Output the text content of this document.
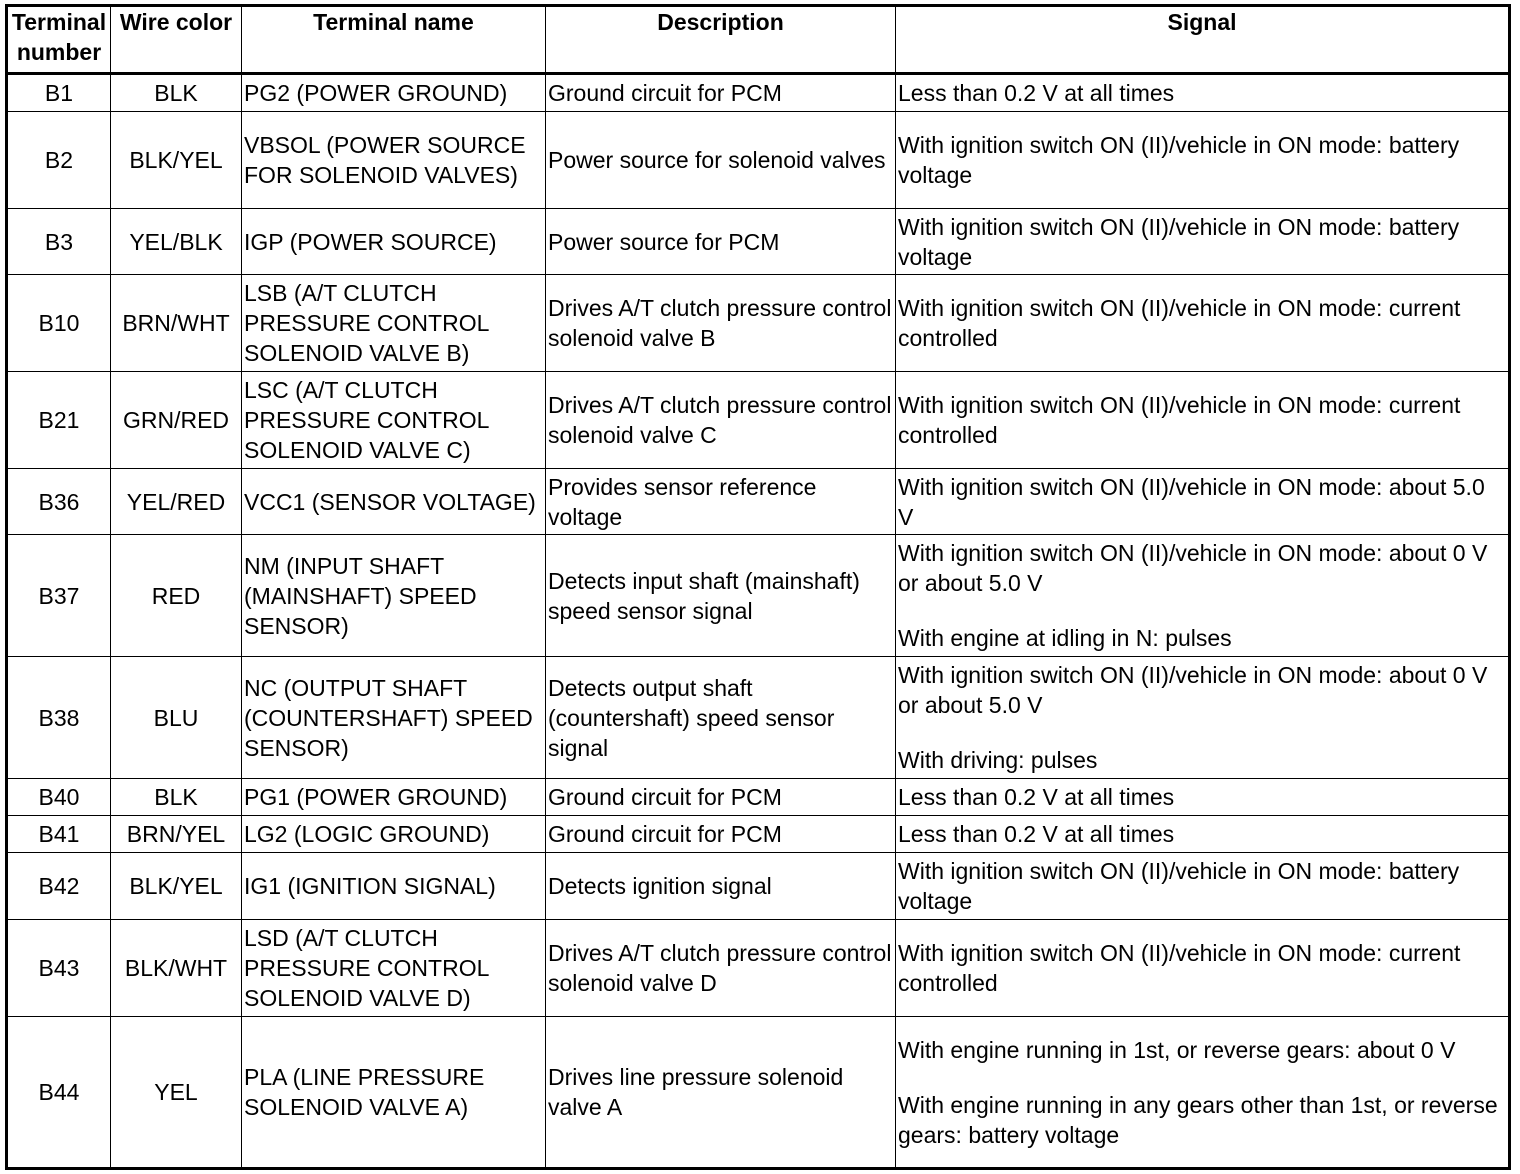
Terminal number	Wire color	Terminal name	Description	Signal
B1	BLK	PG2 (POWER GROUND)	Ground circuit for PCM	Less than 0.2 V at all times

B2	BLK/YEL	VBSOL (POWER SOURCE FOR SOLENOID VALVES)	Power source for solenoid valves	With ignition switch ON (II)/vehicle in ON mode: battery voltage

B3	YEL/BLK	IGP (POWER SOURCE)	Power source for PCM	With ignition switch ON (II)/vehicle in ON mode: battery voltage

B10	BRN/WHT	LSB (A/T CLUTCH PRESSURE CONTROL SOLENOID VALVE B)	Drives A/T clutch pressure control solenoid valve B	With ignition switch ON (II)/vehicle in ON mode: current controlled

B21	GRN/RED	LSC (A/T CLUTCH PRESSURE CONTROL SOLENOID VALVE C)	Drives A/T clutch pressure control solenoid valve C	With ignition switch ON (II)/vehicle in ON mode: current controlled

B36	YEL/RED	VCC1 (SENSOR VOLTAGE)	Provides sensor reference voltage	With ignition switch ON (II)/vehicle in ON mode: about 5.0 V

B37	RED	NM (INPUT SHAFT (MAINSHAFT) SPEED SENSOR)	Detects input shaft (mainshaft) speed sensor signal	With ignition switch ON (II)/vehicle in ON mode: about 0 V or about 5.0 V
With engine at idling in N: pulses

B38	BLU	NC (OUTPUT SHAFT (COUNTERSHAFT) SPEED SENSOR)	Detects output shaft (countershaft) speed sensor signal	With ignition switch ON (II)/vehicle in ON mode: about 0 V or about 5.0 V
With driving: pulses

B40	BLK	PG1 (POWER GROUND)	Ground circuit for PCM	Less than 0.2 V at all times

B41	BRN/YEL	LG2 (LOGIC GROUND)	Ground circuit for PCM	Less than 0.2 V at all times

B42	BLK/YEL	IG1 (IGNITION SIGNAL)	Detects ignition signal	With ignition switch ON (II)/vehicle in ON mode: battery voltage

B43	BLK/WHT	LSD (A/T CLUTCH PRESSURE CONTROL SOLENOID VALVE D)	Drives A/T clutch pressure control solenoid valve D	With ignition switch ON (II)/vehicle in ON mode: current controlled

B44	YEL	PLA (LINE PRESSURE SOLENOID VALVE A)	Drives line pressure solenoid valve A	With engine running in 1st, or reverse gears: about 0 V
With engine running in any gears other than 1st, or reverse gears: battery voltage
